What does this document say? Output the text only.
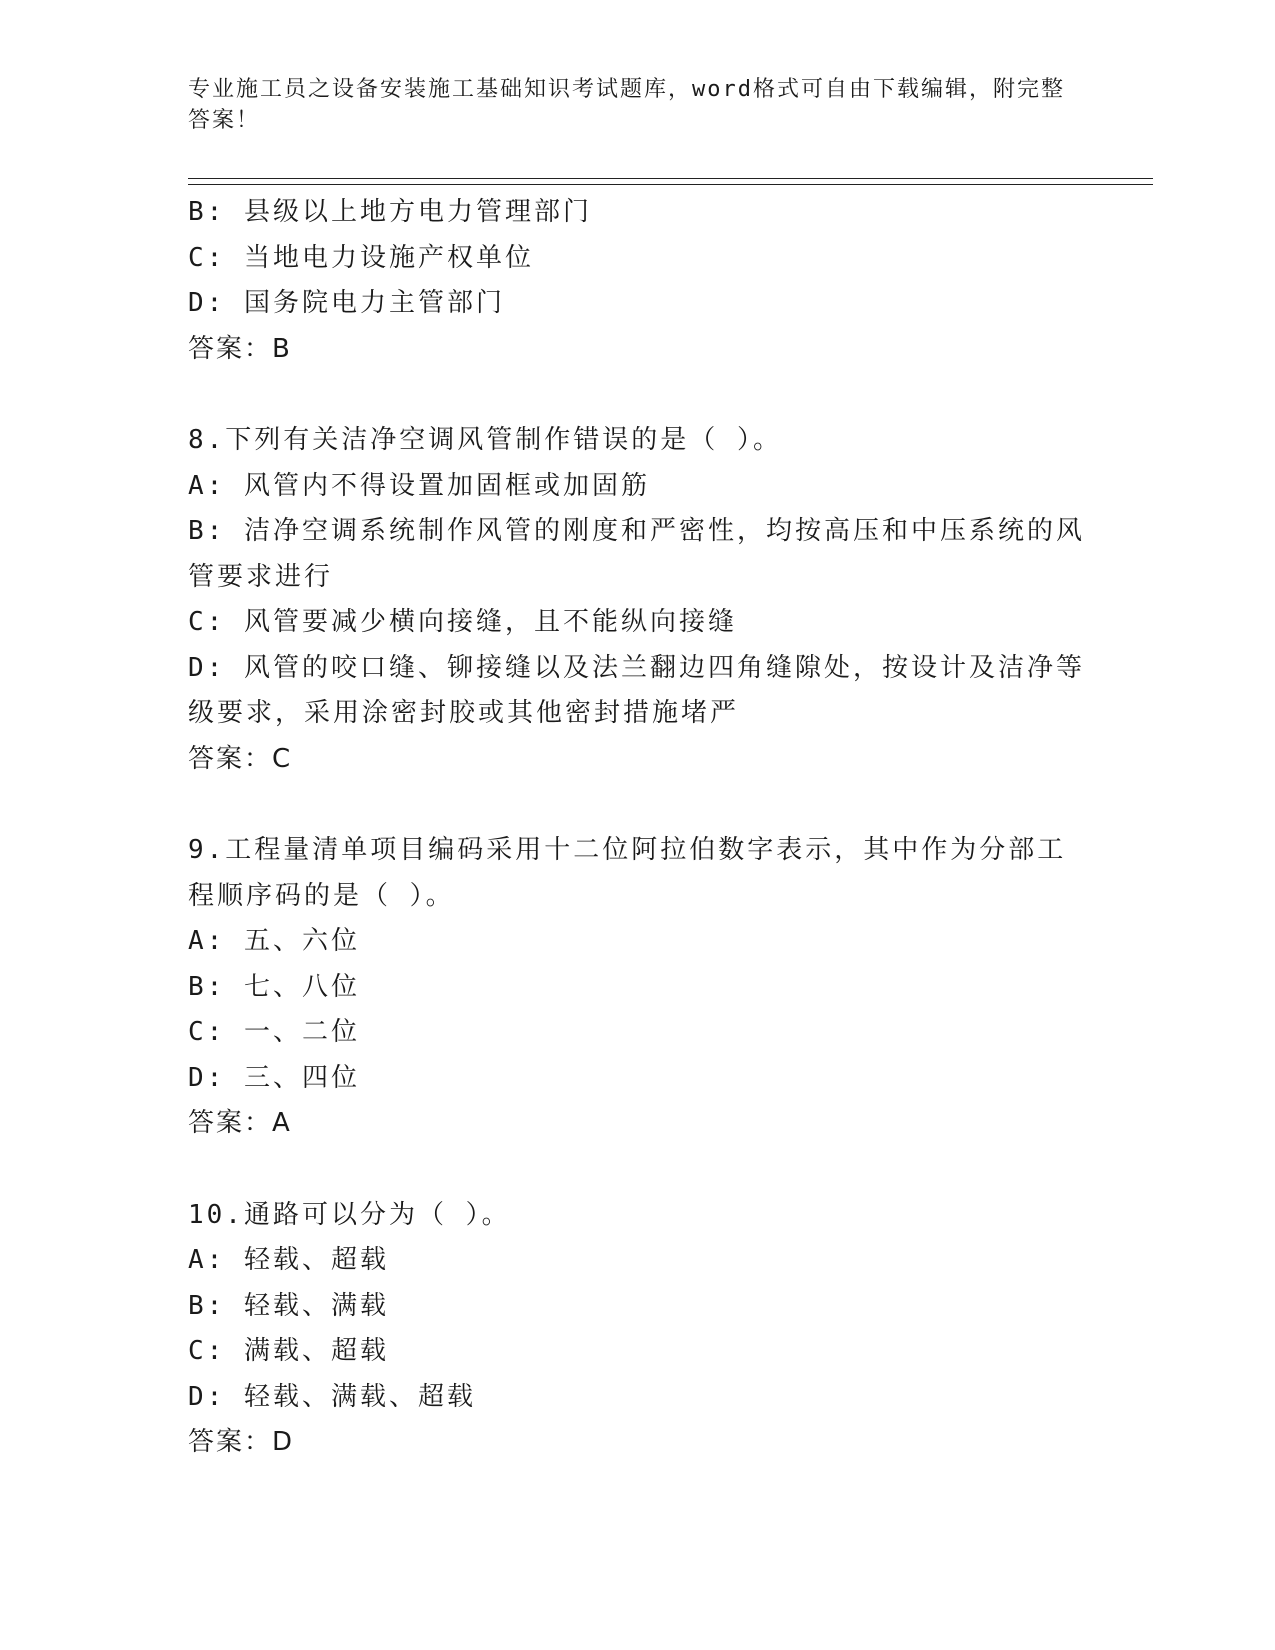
专业施工员之设备安装施工基础知识考试题库，word格式可自由下载编辑，附完整答案！

B: 县级以上地方电力管理部门

C: 当地电力设施产权单位

D: 国务院电力主管部门

答案：B

8.下列有关洁净空调风管制作错误的是（ ）。

A: 风管内不得设置加固框或加固筋

B: 洁净空调系统制作风管的刚度和严密性，均按高压和中压系统的风管要求进行

C: 风管要减少横向接缝，且不能纵向接缝

D: 风管的咬口缝、铆接缝以及法兰翻边四角缝隙处，按设计及洁净等级要求，采用涂密封胶或其他密封措施堵严

答案：C

9.工程量清单项目编码采用十二位阿拉伯数字表示，其中作为分部工程顺序码的是（ ）。

A: 五、六位

B: 七、八位

C: 一、二位

D: 三、四位

答案：A

10.通路可以分为（ ）。

A: 轻载、超载

B: 轻载、满载

C: 满载、超载

D: 轻载、满载、超载

答案：D
